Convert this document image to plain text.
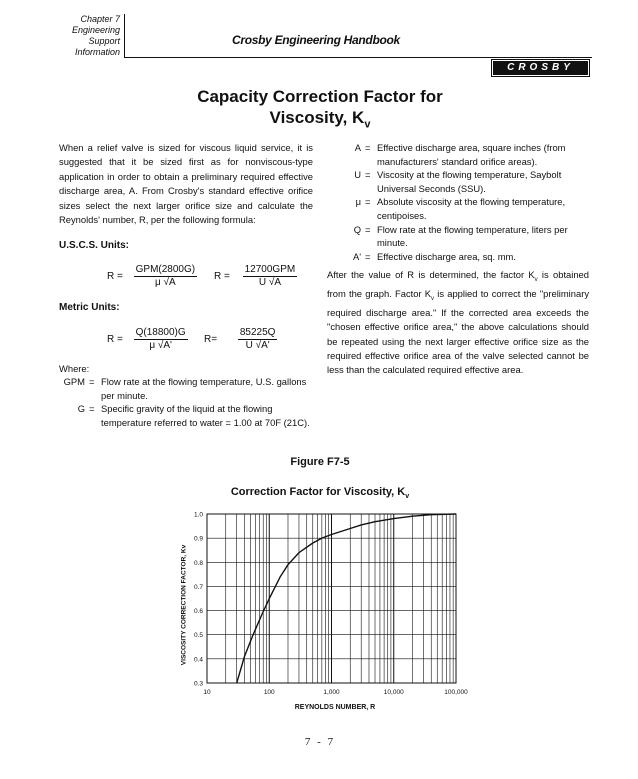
Chapter 7
Engineering
Support
Information
Crosby Engineering Handbook
CROSBY
Capacity Correction Factor for
Viscosity, $K_v$
When a relief valve is sized for viscous liquid service, it is suggested that it be sized first as for nonviscous-type application in order to obtain a preliminary required effective discharge area, A. From Crosby's standard effective orifice sizes select the next larger orifice size and calculate the Reynolds' number, R, per the following formula:
U.S.C.S. Units:
$R = \frac{\text{GPM(2800G)}}{\mu √A}$ $R = \frac{\text{12700GPM}}{U √A}$
Metric Units:
$R = \frac{Q(18800)G}{\mu √A'} R= \frac{85225Q}{U √A'}$
Where:
GPM = Flow rate at the flowing temperature, U.S. gallons per minute.
G = Specific gravity of the liquid at the flowing temperature referred to water = 1.00 at 70F (21C).
A = Effective discharge area, square inches (from manufacturers' standard orifice areas).
U = Viscosity at the flowing temperature, Saybolt Universal Seconds (SSU).
μ = Absolute viscosity at the flowing temperature, centipoises.
Q = Flow rate at the flowing temperature, liters per minute.
A' = Effective discharge area, sq. mm.
After the value of R is determined, the factor $K_v$ is obtained from the graph. Factor $K_v$ is applied to correct the "preliminary required discharge area." If the corrected area exceeds the "chosen effective orifice area," the above calculations should be repeated using the next larger effective orifice size as the required effective orifice area of the valve selected cannot be less than the calculated required effective area.
Figure F7-5
Correction Factor for Viscosity, $K_v$
0.3
0.4
0.5
0.6
0.7
0.8
0.9
1.0
10	100	1,000	10,000	100,000
VISCOSITY CORRECTION FACTOR, Kv
REYNOLDS NUMBER, R
7 - 7
